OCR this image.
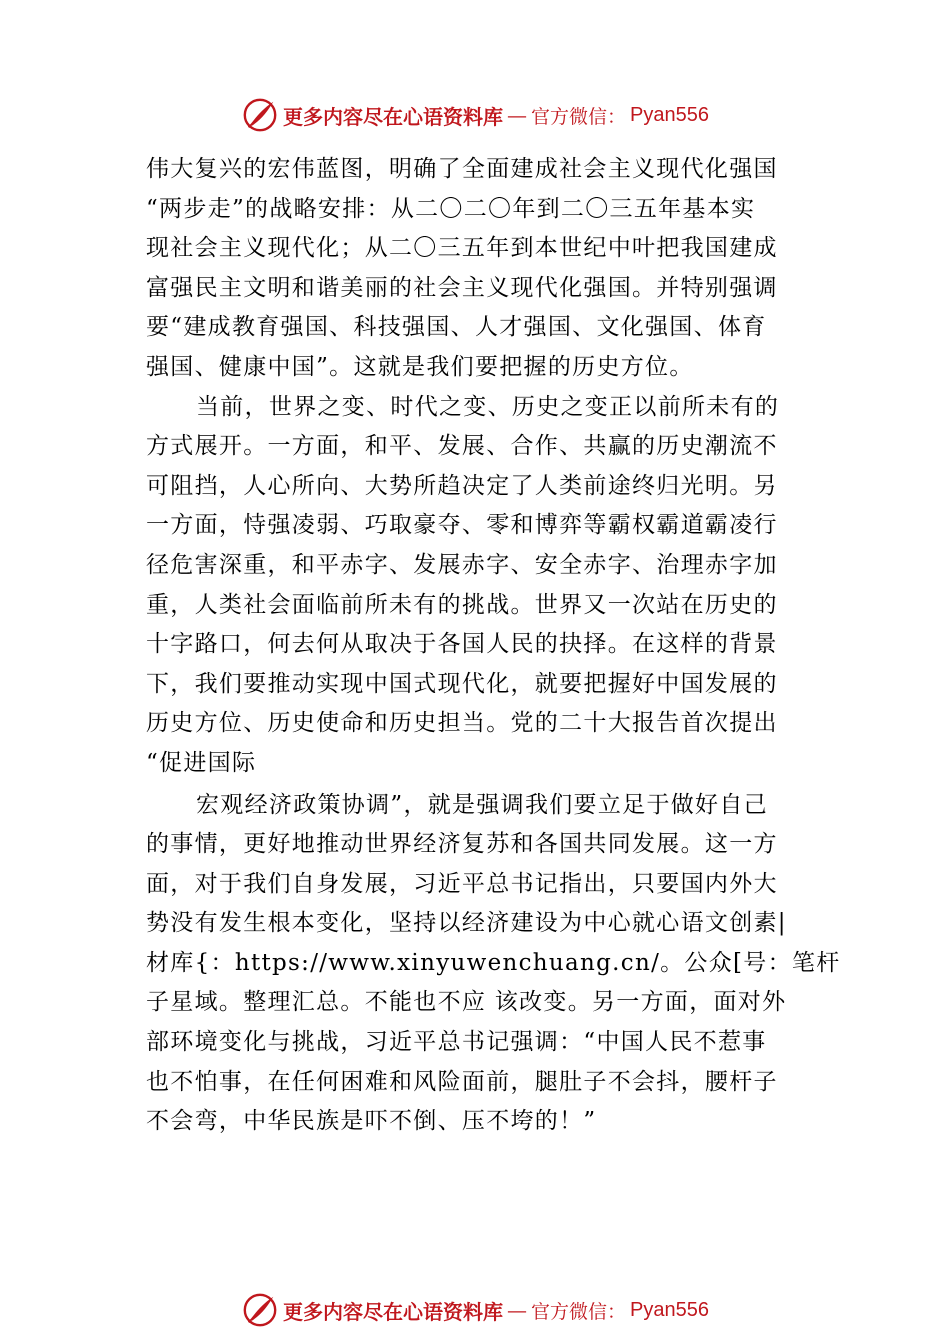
更多内容尽在心语资料库 — 官方微信： Pyan556
伟大复兴的宏伟蓝图，明确了全面建成社会主义现代化强国
“两步走”的战略安排：从二〇二〇年到二〇三五年基本实
现社会主义现代化；从二〇三五年到本世纪中叶把我国建成
富强民主文明和谐美丽的社会主义现代化强国。并特别强调
要“建成教育强国、科技强国、人才强国、文化强国、体育
强国、健康中国”。这就是我们要把握的历史方位。
当前，世界之变、时代之变、历史之变正以前所未有的
方式展开。一方面，和平、发展、合作、共赢的历史潮流不
可阻挡，人心所向、大势所趋决定了人类前途终归光明。另
一方面，恃强凌弱、巧取豪夺、零和博弈等霸权霸道霸凌行
径危害深重，和平赤字、发展赤字、安全赤字、治理赤字加
重，人类社会面临前所未有的挑战。世界又一次站在历史的
十字路口，何去何从取决于各国人民的抉择。在这样的背景
下，我们要推动实现中国式现代化，就要把握好中国发展的
历史方位、历史使命和历史担当。党的二十大报告首次提出
“促进国际
宏观经济政策协调”，就是强调我们要立足于做好自己
的事情，更好地推动世界经济复苏和各国共同发展。这一方
面，对于我们自身发展，习近平总书记指出，只要国内外大
势没有发生根本变化，坚持以经济建设为中心就心语文创素|
材库{：https://www.xinyuwenchuang.cn/。公众[号：笔杆
子星域。整理汇总。不能也不应 该改变。另一方面，面对外
部环境变化与挑战，习近平总书记强调：“中国人民不惹事
也不怕事，在任何困难和风险面前，腿肚子不会抖，腰杆子
不会弯，中华民族是吓不倒、压不垮的！”
更多内容尽在心语资料库 — 官方微信： Pyan556
